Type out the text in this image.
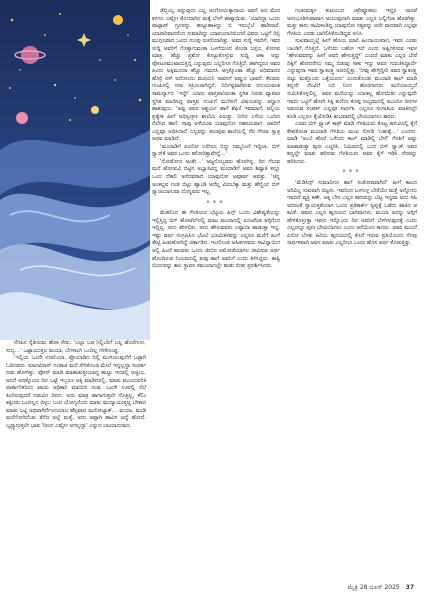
ನೆನಪಿನ ಸ್ಕೆತೀರುಮ ಹೊಕ ಸೇರು. 'ಎಲ್ಲಾ ಬಡ ನಿಲ್ಲಿಂದಿಗೆ ಬಲ್ಲ ಹೊರೆಗುಳು, ಸುಬ್ಬ…' ಒಟ್ಟಾಯುತ್ತಲ ಮಯಾ, ಬೆಗಳಾಂಗಿ ಒಂದಿಲ್ಲ ಗಳಿಕೊಂಡ್ಡ.

'ಇಲ್ಲಿಯ ಒಂದೇ ಉಪನಿಯಾ, ಪ್ರೊಯಾಡಿದ ದಿಲ್ಲಿ ಮುಗಿಯುವುದೆಗೆ ಒಟ್ಟಾಗಿ ಓದಿದವರು. ಮಾದವಿರಾನ್ ಗಂಡಾಜಿ ಮನೆ ಸೇರಿಕೊಂಡ ಮೇಲೆ ಇದ್ದಲ್ಲದ್ದಾ ಸಂಪರ್ಕ ದಡು ಹೋಗಿತ್ತು. ಫೋನ್ ಮಾಡಿ ಮಾತಾಡುತ್ತೀಯಾದ್ದ ಹುಟ್ಟು ಇದರಲ್ಲಿ ಅಜ್ಜಿಯ, ಅದರೆ ಅದಕ್ಕೊಂದು ದಿನ ಒಟ್ಟೆ ಇಬ್ಬರೂ ಅಕ್ಕಿ ಮಾಡಿದರಲ್ಲಿ, ಮಾತು ಮುಂದುವರಿಕಿ ವಾರ್ತಾರಿಕರಿಂದ ಖಾಯ ಅಧಿಕಾರಿ ಮಾಯಿಸ ಗಂಡ, ಒಂದೇ ಊರಲ್ಲಿ ನೆಲೆ ತಿಂದಿರುವುದರೆ ನಡುವಿನ ದಿನದ. ಅದು ಮಾತ್ರ ಹಾಗಾಗುತ್ತಲೇ ಗೊತ್ತಿಲ್ಲ, ಕೆಲಿಂ ತಕ್ಕಿದರು ಒಂದಲ್ಲನ ಬಿಳ್ಳಬ ಬಂದ ಯೋಗ್ಯರೆಂದು ಮಾತು ಮುದ್ಯಾಯುತ್ತಲ್ಲ ಬೇಕಾದ ಮಾತು ಒಟ್ಟಿ ಅಥವಾಗಿರ್ದೆಂದಯಾಬ ಹೆಸ್ಸಿವಾದ ಮನೋಲ್ಯಾಕ್… ಮಯಾ, ಮುಡಿ ಮನೆಗೋಗಿದೆಂತು ತೆಗೆದ ಅಲ್ಲೆ ಮತ್ತೆ, ಅದು ಅಷ್ಟಾಗಿ ಹಾವಿಸ ಅದ್ದೆ ಹೋದೆ. ಬ್ಯಸ್ಲ್ಯಾಗುತ್ತಲೇ ಭಾವ 'ನೀಂದ ಎಷ್ಟೋ ಅಗಲ್ಲದ್ದಾ' ಎನ್ನುದ ಬಾಯಾಗುರಾದ.

ಡೆಬ್ಬಿಯ್ಲ ಅನ್ನುವುದು ಎಲ್ಲ ಅಂಗೋಯಿಕ್ಕಾದಾಯ ಅವಗೆ ಅದ ಮೇರ ಕಳಗದ ಎಷ್ಟೋ ಕೊಂದಾಗಿದ ಮಕ್ಕೆ ಬೆಳಗೆ ಹಾಕ್ಕಾಯಿತು. 'ಯಾರಿದ್ದಾ ಒಂದು ವಾಟ್ಟಾಪ್ ಗ್ರೂಪನ್ನು ಹುಟ್ಟುಹಾಕಿದ್ದು ಬಿ ಇರುಬ್ಬೆಲೆ ಹಾಡಿದಾರೆ. ಯಾರಾರಿವಾದರೆಂದ ಸುಮಾದಿದ್ದು ಯಾರುಯಾರಿಬಿಂದರೆ ವಿವರು ಒಟ್ಟಿಗೆ ದಿನ್ರಿ ಮುಗ್ಗಲವಾದ ಒಂದು ಗುಂಪು ರಚನೆಯಾಗಿತ್ತು. ಅವರ ಸುದ್ದಿ ಇವರಿಗೆ, ಇವರ ಸುದ್ದಿ ಅವರಿಗೆ ಗೊತ್ತಾಗುವಂತಾ ಒಳಗೆಯಿಂದ ಕೊಂಡ ಬಳ್ಳಿದ, ಕೋಗವ ಮಾತ್ರ. ಹೆಚ್ಚು ಪ್ರಶೋ ಕೊಟ್ಟುಕೊಳ್ಳುವ ಸುದ್ದಿ ಅಕಾ ಅನ್ನು ಪೋಟೂಮುಖಾದುತ್ತಿದ್ದ ಎನ್ನುವುದು ಎಲ್ಲರಿಗೂ ಗೊತ್ತಿದೆ. ಹಾಗಿದ್ದರೂ ಅವರ ಹಿಂದು ಅಕ್ಕಿಮೂದಾ ಹೆಚ್ಚು ಗಮನಸಿ ಅಗ್ಗಕ್ಕೊಂಡಾ ಹೆಚ್ಚು ಅಧಿಮಾದರ ಹೊರ್ರಿ ರಸ್ ಅದೋಂದು ಮರಯನಿ ಸಾವನಗೆ ಅವ್ವುದ ಭಾವನೆ. ಕೆಲವರು ಗುಂಪಿನಲ್ಲಿ ಸದಾ ಸಕ್ರಿಯರಾಗಿದ್ದರೆ, ನಿರ್ದಿಷ್ಟವಾಗಿರುವ ನಗುಯುವಂತ ಸಾಮರ್ಗ್ಯಾದ 'ಇದ್ದೇ' ಯಾನು ವಾಸ್ತವಾನಿವಂತಾ ಸ್ಥಗಿತ ನಿರುವ ವ್ಯಾಪಾರ ಸ್ಥಗಿತ ಮಾಡಿಸಿದ್ದ ವಾಸ್ತವ ಗುಂಪಿಗೆ ಮುಗಿಸಿಗೆ ವಿಷಯವನ್ನು ಆಧ್ವಾನ ಹಾಕುವುದು. 'ಅವ್ವ ಅವರ ಆಶ್ಚರ್ಯ ಹಾಗೆ ಶೆಫಿರೆ ಇವಮಾದೆ, ಅಲ್ಲಿಯ ಪ್ರತ್ಯೇಕ ಹೀಗೆ ಅಧಿಸ್ವೀಕ್ರಣ ಶಾಲೆಯ ಏರುತ್ತು. ನೀರಿನ ಎಳೆಯ ಒಂದಿದ ನೆಲೆಸಿದ ಹಾಗೆ. ನಾವು ಅಳೆಯುವ ಯಾವುದೋ ಸಹರಯವಾಗ. ಅವರಿಗೆ ಎಲ್ಲವೂ ಅಧಿಸಿದಾದೆ ಎಲ್ಲವನ್ನು ತಲುಪುವ ಶಾಲೆಯಲ್ಲಿ ಸೆರ ಗೌರವ ಸ್ನಾತ್ರ ಅಥವ ಮಾಡಿದೆ.

'ಮಯಾಡಿಗೆ ಏಂದೋ ಬರೆಗಲು ಬಿದ್ದು ನಮ್ಮನಿಂದೆ ಇದ್ದಿಲಾ. ಬಿಗ್ ಸ್ಪ್ಯಾರ್‌ಕೆ ಅವರ ಒಂದು ಕರೋದಿತ್ತಾವೇದ್ದೆ…'

'ನೋಡೋಣ ಅಂತೇ…' ಅಜ್ಜನೊಬ್ಬವರು ಹೊರಗಿನ್ನ, ದಿನ ಗೆಲುವ ಮನೆ ಹೋಡುವಿ ಬಿಟ್ಟಿನ ಅಭ್ಯಾಸವಿದ್ದ ಮಯಾಡಿಗೆ ಅವರ ಶಿಷ್ಯಾತಿ ಕನ್ನೂ ಒಂದ ದೆಹಲಿ ಅಸೆದವರಾದ ಯಾವುದೋ ಅಪೂರ್ವ ಆಪತ್ತು. 'ಚಿನ್ನ ಅಂತಲ್ಲವ ಗಂಡ ಬಿಟ್ಟು ಹ್ಯಾಂಡಿ ಅದೆಲ್ಲ ವಿರುಬೆಕ್ಕಾ ಮತ್ತು ಹೆಣ್ಣಿಂದ ಬಿಗ್ ಸ್ಪ್ಯಾಚಿಯಾಗುವಾ ದೊನ್ನವರು ಇಲ್ಲ.

***

ಮೆಹಲಿಂದ ಈ ಗೆಳತಿಯರ ಭೆಟ್ಟಿಯ ಹಿಗ್ಗ್ ಒಂದು ವಿಶೇಷ್ಯತೆಯನ್ನು ಇಲ್ಲಿಸ್ತಿದ್ದ ಬಿಗ್ ಹೋಟೆಲ್‌ನಲ್ಲಿ ಮಾಟ ಮಯಾದಲ್ಲಿ ಏಂಜರೆಂಡ ಅಗ್ಗಿಗೆಂದ ಇದ್ದಿಲ್ಲ. ಅದು ಹೇಳಲಿಕು, ಅದು ಹೇಳುವವರು ಎಷ್ಟಾದಾ ಹಾಡುತ್ತಾ ಇದ್ದ. ಇಷ್ಟು ವರ್ಷ ಸಂಗ್ರಹಿಸಿದ ಭೆಟಲೆ ಭೂಮಿತಳವನ್ನು ಎಲ್ಲರೂ ಮನೆಗೆ ಹಿಂಗೆ ತೇಟ್ಟಿ ಹಿಡುಹೋಗಿದ್ದೆ ಚಿರ್ತಾಡಿದ. ಇಂದೊಂಡ ಅಹಿತಗಳವರು ಸಾವಿನ್ನಾಯಿಗ ಅಲ್ಲಿ ಹಿಂದೆ ಹಲವರು ಒಂದು ಜೀಬಿನ ಅಮೋಡೆಯಾಗಲ ಜೀವಿಸುವ ಅರ್ಥ ಹೊಂದಿರುವ ನಿಯಮದಲ್ಲಿ ತುವು ಹಾಗೆ ಅವನಿಗೆ ಎಂದು ತಿಳಿಸಿದ್ದರು. ತಾತ್ವಿ ಬಿಂದುವನ್ನು ಕಾಲ ಸ್ಥಾವರ ಸಮಯಾದಲ್ಲೇ ಹುಡು ಬೀತು ಪ್ರದರ್ಶಿಸಿದರು.

ಗಂಡುಮಕ್ಕಳ ಕುಟುಂಬದ ಚಕ್ರೇವ್ಯೂಹಲು ಇದ್ದರ ನಾನವೆ ಅನುಭೂತಿಸುವಾವಾಗ ಅಂಬುವುದಾಗಿ ಮಾತು ಎಲ್ಲರ ಬಲ್ಲಿಗೆಲಾ ಹೊರಗಿತ್ತು. ಮತ್ತು ತಾನು ನಾಮಿಕಂಡಿದ್ದ ಯಾವುದೋ ಸತ್ಯವನ್ನು ಅದೇ ವಾದವಾಗಿ ಎಲ್ಲವೂ ಗೆಳತಿಯ ಎರಡು ಬಾಗಿಲಿಸಿಕೊಂಡಿದ್ದವ ಅನಿಸಿ.

ಸುಖವಾಯ್ತಲ್ಲೆ ಹೀಗೆ ಹೊಯ ಮಾರಿ ಹಿಂದಾಯುವಾಗ, ಇವರ ಎರಡು ಬಾಂಡಿಗೆ ಗೊತ್ತಿದೆ. ಒಳೆಂದು ಬಹೋ ಇದೆ ಎಂದು ಅಷ್ಟಿಗಳಿಸುವ ಇವಳ 'ಹೇಳುವವರನ್ನು ಹೀಗೆ ಅವರಿ ಹೇಳುತ್ತಿದ್ದ್' ಎಂದರೆ ಮಾತು ಎಲ್ಲರ ಬೇರೆ ದಿಕ್ಕಿಗೆ ಹೋದರೇನು ನಮ್ಮ ಬಿಡುವು ಸಾಕು ಇದ್ದು ಅವರ ಗುರುತಿಸಿದ್ದಾರ್ದೆ ಎನ್ನುವುದಾ ಇವರ ಸ್ವಾತಂತ್ರ್ಯ ಅದರಲ್ಲಿತ್ತು. 'ನೀವು ಹೇಗ್ತಿದ್ದೀರಿ ಅವರ ಸ್ವಾತಂತ್ರ್ಯ ಬಿಟ್ಟು ಮತ್ತೊಂದು ಒಕ್ಕೆಯಂದು' ಎಂದುಕೊಂಡು ಮಯಾಡಿ ಕಾಲ್ ಮಾಡಿ ತನ್ನದೇ ನೆಲವಿಗೆ ಬರಿ ನಿಂದ ಹೊರಗಾದರು ಮನೆಯಾಯ್ತದೆ ಸುಮಿಸಿಕೊಳ್ಳಲಿಲ್ಲ. ಅವರ ಮನೆಯನ್ನು ಯಾಡಲ್ಲ ಹೋಯಿತು ಎನ್ನುವುದೇ ಇವರು ಒಟ್ಟಿಗೆ ಹೋಗಿ ಸಿಕ್ಕಿ ಕುಣಿದು ಕೊಪ್ಪ ಸಂಭ್ರಮದಲ್ಲಿ ಮುಂದಿನ ದಿನಗಳ ಅವಯವ ಸಂಪರ್ಕ ಎಲ್ಲವೂ ಸಾರ್ಥಕ. ಎಲ್ಲರೂ ಸಂಗಾತಿಯ ಮಾತಿನಲ್ಲೇ ಕೂಡಿ ಎಲ್ಲರೂ ಕೈಜೋಡಿಸಿ ಶುಭವಾದಲ್ಲಿ ಭೇಟಿಯಾಗಲು ಕಾರಣ.

ಎರಡು ಬಿಗ್ ಸ್ಪ್ಯಾಚ್ ಕಾಫ್ ಮಾಡಿ ಗೆಳತಿಯರು ಕೊಟ್ಟ ಹಸುವಿನಲ್ಲಿ ಕೈಗೆ ಕೇಕುಕೊಂಡ ಮಯಾಡಿ ಗೆಳತಿಯ ಮುಖ ನೋಡಿ 'ಬಹುಕ್ಕೆ…' ಎಂದಳು. ಮಾಡಿ 'ಅಂಬೆ ಹೊರೆ ಒಳೆಂದು ಕಾಲ್ ಮಾಡಿಲ್ಲಿ ಬೇರೆ' ಗೆಳತಿಗೆ ಅಷ್ಟು ಮಾತಾಡುತ್ತಾ ಪುನಃ ಎಚ್ಚರಿಸಿ. ನಿಮಿಷದಲ್ಲಿ ಬಂದ ಬಿಗ್ ಸ್ಪ್ಯಾಚ್ ಅವರ ಕಣ್ಣಲ್ಲೇ ಮಾತು ಹರಿಸುವ ಗೆಳತಿಯರು ಅವರ ಕೈಗೆ ಇಡಿಸಿ ನೆನಪನ್ನು ಹರಿಸಿದರು.

***

'ಮೆಡಿಸಿನ್ಸ್‌ ಸುಮಾರಿಗೂ ಹಾಗೆ ಸಂತೋಷವಾಗಿದೆ' ಹೀಗೆ ಕಾಲದ ಅರಿವಿಲ್ಲ ಸುಖವಾಗಿ ಬಿಟ್ಟಳು. ಇವರಿಂದ ಒಳಗುಳ್ಳ ಬೇರೆಯೇ ಮತ್ತೆ ಅನ್ನೋದು ಇವರದೆ ವ್ಯಕ್ತಿ ಕಣೇ. ಅಕ್ಕ ಬೇರ ಎಲ್ಲರ ಕವನವನ್ನು ಬೆಟ್ಟ ಇದ್ದವಾ ಅದು ಸಹಿ ಅದರಂತೆ ಸ್ವಾಯತ್ತತೆಯಾಗ ಒಂದು ಪ್ರತಿಕಾರ್ಕ್ ಸ್ವಪ್ನಕ್ಕೆ ಒಡೆದು ಹಾಕಿದ ಆ ಕವಿತೆ. ಅವರು ಎಲ್ಲರ ಹೃದಯದ ಭಾಗವಾದಳು. ಮಯಾ ಅದನ್ನು ಅಗ್ಗಿಗೆ ಹೇಳಿಕೊಳ್ಳುತ್ತಾ ಇವಳು ಇನ್ನೊಂದು ದಿನ ಅವರಿಗೆ ಬೆಳಗಿಸುವುದಕ್ಕೆ ಎಂದು ಎಲ್ಲರನ್ನೂ ಪುನಃ ಭೇಟಿಯಾಗಲು ಎಂದು ಆಸೆಯಿಂದ ಕಾದರು. ಅವರ ಮುಂದೆ ಏನೋ ಬೆಳಕು ಹಿರಿಯ ಹೃದಯದಲ್ಲಿ ಕೊನೆ ಇರುವ ಪ್ರತಿಯೊಂದು ನೆನಪು ಸಾರ್ಥಕವಾಗಿ ಅವಳ ಮಾತು ಎಲ್ಲರಿಗೂ ಒಂದು ಹೊಸ ಅರ್ಥ ಕೊಡುತ್ತಿತ್ತು.

ಮೈತ್ರಿ 28 ಜೂನ್ 2025 37
